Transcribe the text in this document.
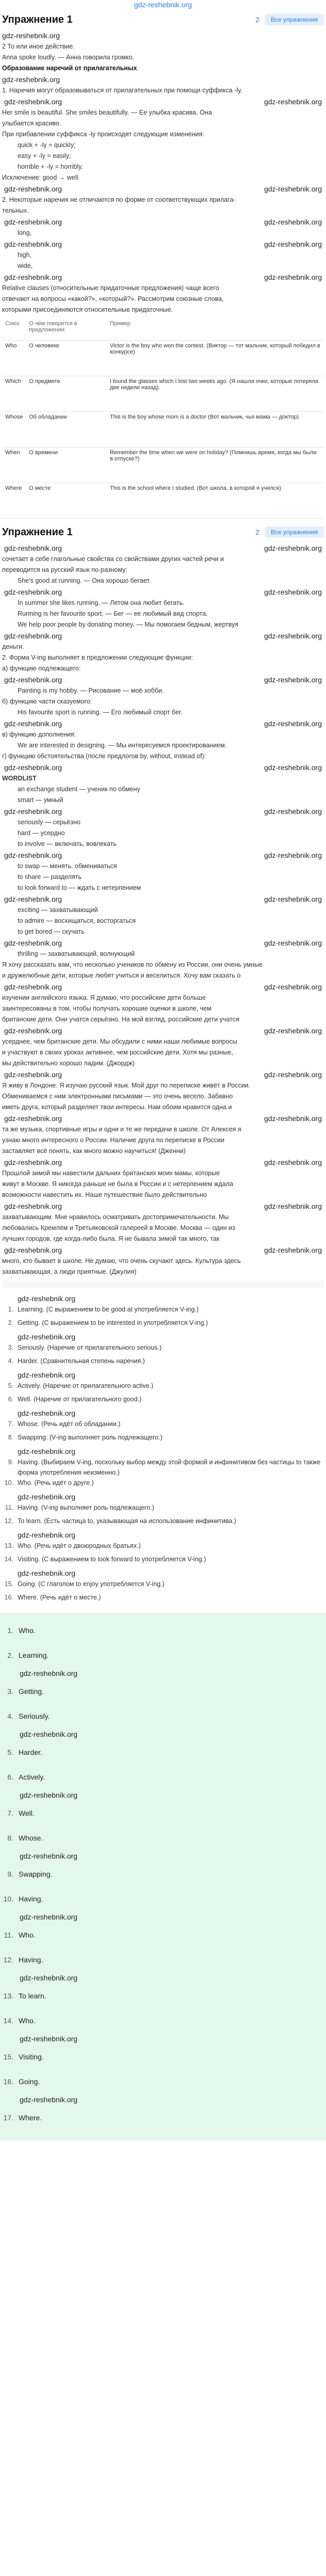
gdz-reshebnik.org
Упражнение 1	2	Все упражнения
gdz-reshebnik.org
2 То или иное действие.
Anna spoke loudly. — Анна говорила громко.
Образование наречий от прилагательных
gdz-reshebnik.org
1. Наречия могут образовываться от прилагательных при помощи суффикса -ly.
gdz-reshebnik.org	gdz-reshebnik.org
Her smile is beautiful. She smiles beautifully. — Ее улыбка красива. Она
улыбается красиво.
При прибавлении суффикса -ly происходят следующие изменения:
quick + -ly = quickly;
easy + -ly = easily;
horrible + -ly = horribly.
Исключение: good → well.
gdz-reshebnik.org	gdz-reshebnik.org
2. Некоторые наречия не отличаются по форме от соответствующих прилага-
тельных.
gdz-reshebnik.org	gdz-reshebnik.org
long,
gdz-reshebnik.org	gdz-reshebnik.org
high,
wide,
gdz-reshebnik.org	gdz-reshebnik.org
Relative clauses (относительные придаточные предложения) чаще всего
отвечают на вопросы «какой?», «который?». Рассмотрим союзные слова,
которыми присоединяются относительные придаточные.
Союз	О чём говорится в предложении	Пример
Who	О человеке	Victor is the boy who won the contest. (Виктор — тот мальчик, который победил в конкурсе)
Which	О предмете	I found the glasses which I lost two weeks ago. (Я нашла очки, которые потеряла две недели назад).
Whose	Об обладании	This is the boy whose mom is a doctor (Вот мальчик, чья мама — доктор)
When	О времени	Remember the time when we were on holiday? (Помнишь время, когда мы были в отпуске?)
Where	О месте	This is the school where I studied. (Вот школа, в которой я учился)
Упражнение 1	2	Все упражнения
gdz-reshebnik.org	gdz-reshebnik.org
сочетает в себе глагольные свойства со свойствами других частей речи и
переводится на русский язык по-разному:
She's good at running. — Она хорошо бегает.
gdz-reshebnik.org	gdz-reshebnik.org
In summer she likes running. — Летом она любит бегать.
Running is her favourite sport. — Бег — ее любимый вид спорта.
We help poor people by donating money. — Мы помогаем бедным, жертвуя
gdz-reshebnik.org	gdz-reshebnik.org
деньги.
2. Форма V-ing выполняет в предложении следующие функции:
а) функцию подлежащего:
gdz-reshebnik.org	gdz-reshebnik.org
Painting is my hobby. — Рисование — моё хобби.
б) функцию части сказуемого:
His favourite sport is running. — Его любимый спорт бег.
gdz-reshebnik.org	gdz-reshebnik.org
в) функцию дополнения:
We are interested in designing. — Мы интересуемся проектированием.
г) функцию обстоятельства (после предлогов by, without, instead of):
gdz-reshebnik.org	gdz-reshebnik.org
WORDLIST
an exchange student — ученик по обмену
smart — умный
gdz-reshebnik.org	gdz-reshebnik.org
seriously — серьёзно
hard — усердно
to involve — включать, вовлекать
gdz-reshebnik.org	gdz-reshebnik.org
to swap — менять, обмениваться
to share — разделять
to look forward to — ждать с нетерпением
gdz-reshebnik.org	gdz-reshebnik.org
exciting — захватывающий
to admire — восхищаться, восторгаться
to get bored — скучать
gdz-reshebnik.org	gdz-reshebnik.org
thrilling — захватывающий, волнующий
Я хочу рассказать вам, что несколько учеников по обмену из России, они очень умные
и дружелюбные дети, которые любят учиться и веселиться. Хочу вам сказать о
gdz-reshebnik.org	gdz-reshebnik.org
изучении английского языка. Я думаю, что российские дети больше
заинтересованы в том, чтобы получать хорошие оценки в школе, чем
британские дети. Они учатся серьёзно. На мой взгляд, российские дети учатся
gdz-reshebnik.org	gdz-reshebnik.org
усерднее, чем британские дети. Мы обсудили с ними наши любимые вопросы
и участвуют в своих уроках активнее, чем российские дети. Хотя мы разные,
мы действительно хорошо ладим. (Джордж)
gdz-reshebnik.org	gdz-reshebnik.org
Я живу в Лондоне. Я изучаю русский язык. Мой друг по переписке живёт в России.
Обмениваемся с ним электронными письмами — это очень весело. Забавно
иметь друга, который разделяет твои интересы. Нам обоим нравится одна и
gdz-reshebnik.org	gdz-reshebnik.org
та же музыка, спортивные игры и одни и те же передачи в школе. От Алексея я
узнаю много интересного о России. Наличие друга по переписке в России
заставляет всё понять, как много можно научиться! (Дженни)
gdz-reshebnik.org	gdz-reshebnik.org
Прошлой зимой мы навестили дальних британских моих мамы, которые
живут в Москве. Я никогда раньше не была в России и с нетерпением ждала
возможности навестить их. Наше путешествие было действительно
gdz-reshebnik.org	gdz-reshebnik.org
захватывающим. Мне нравилось осматривать достопримечательности. Мы
любовались Кремлём и Третьяковской галереей в Москве. Москва — один из
лучших городов, где когда-либо была. Я не бывала зимой так много, так
gdz-reshebnik.org	gdz-reshebnik.org
много, кто бывает в школе. Не думаю, что очень скучают здесь. Культура здесь
захватывающая, а люди приятные. (Джулия)
gdz-reshebnik.org
1. Learning. (С выражением to be good at употребляется V-ing.)
2. Getting. (С выражением to be interested in употребляется V-ing.)
gdz-reshebnik.org
3. Seriously. (Наречие от прилагательного serious.)
4. Harder. (Сравнительная степень наречия.)
gdz-reshebnik.org
5. Actively. (Наречие от прилагательного active.)
6. Well. (Наречие от прилагательного good.)
gdz-reshebnik.org
7. Whose. (Речь идёт об обладании.)
8. Swapping. (V-ing выполняет роль подлежащего.)
gdz-reshebnik.org
9. Having. (Выбираем V-ing, поскольку выбор между этой формой и инфинитивом без частицы to также форма употребления неизменно.)
10. Who. (Речь идёт о друге.)
gdz-reshebnik.org
11. Having. (V-ing выполняет роль подлежащего.)
12. To learn. (Есть частица to, указывающая на использование инфинитива.)
gdz-reshebnik.org
13. Who. (Речь идёт о двоюродных братьях.)
14. Visiting. (С выражением to look forward to употребляется V-ing.)
gdz-reshebnik.org
15. Going. (С глаголом to enjoy употребляется V-ing.)
16. Where. (Речь идёт о месте.)
1. Who.
2. Learning.
gdz-reshebnik.org
3. Getting.
4. Seriously.
gdz-reshebnik.org
5. Harder.
6. Actively.
gdz-reshebnik.org
7. Well.
8. Whose.
gdz-reshebnik.org
9. Swapping.
10. Having.
gdz-reshebnik.org
11. Who.
12. Having.
gdz-reshebnik.org
13. To learn.
14. Who.
gdz-reshebnik.org
15. Visiting.
16. Going.
gdz-reshebnik.org
17. Where.
